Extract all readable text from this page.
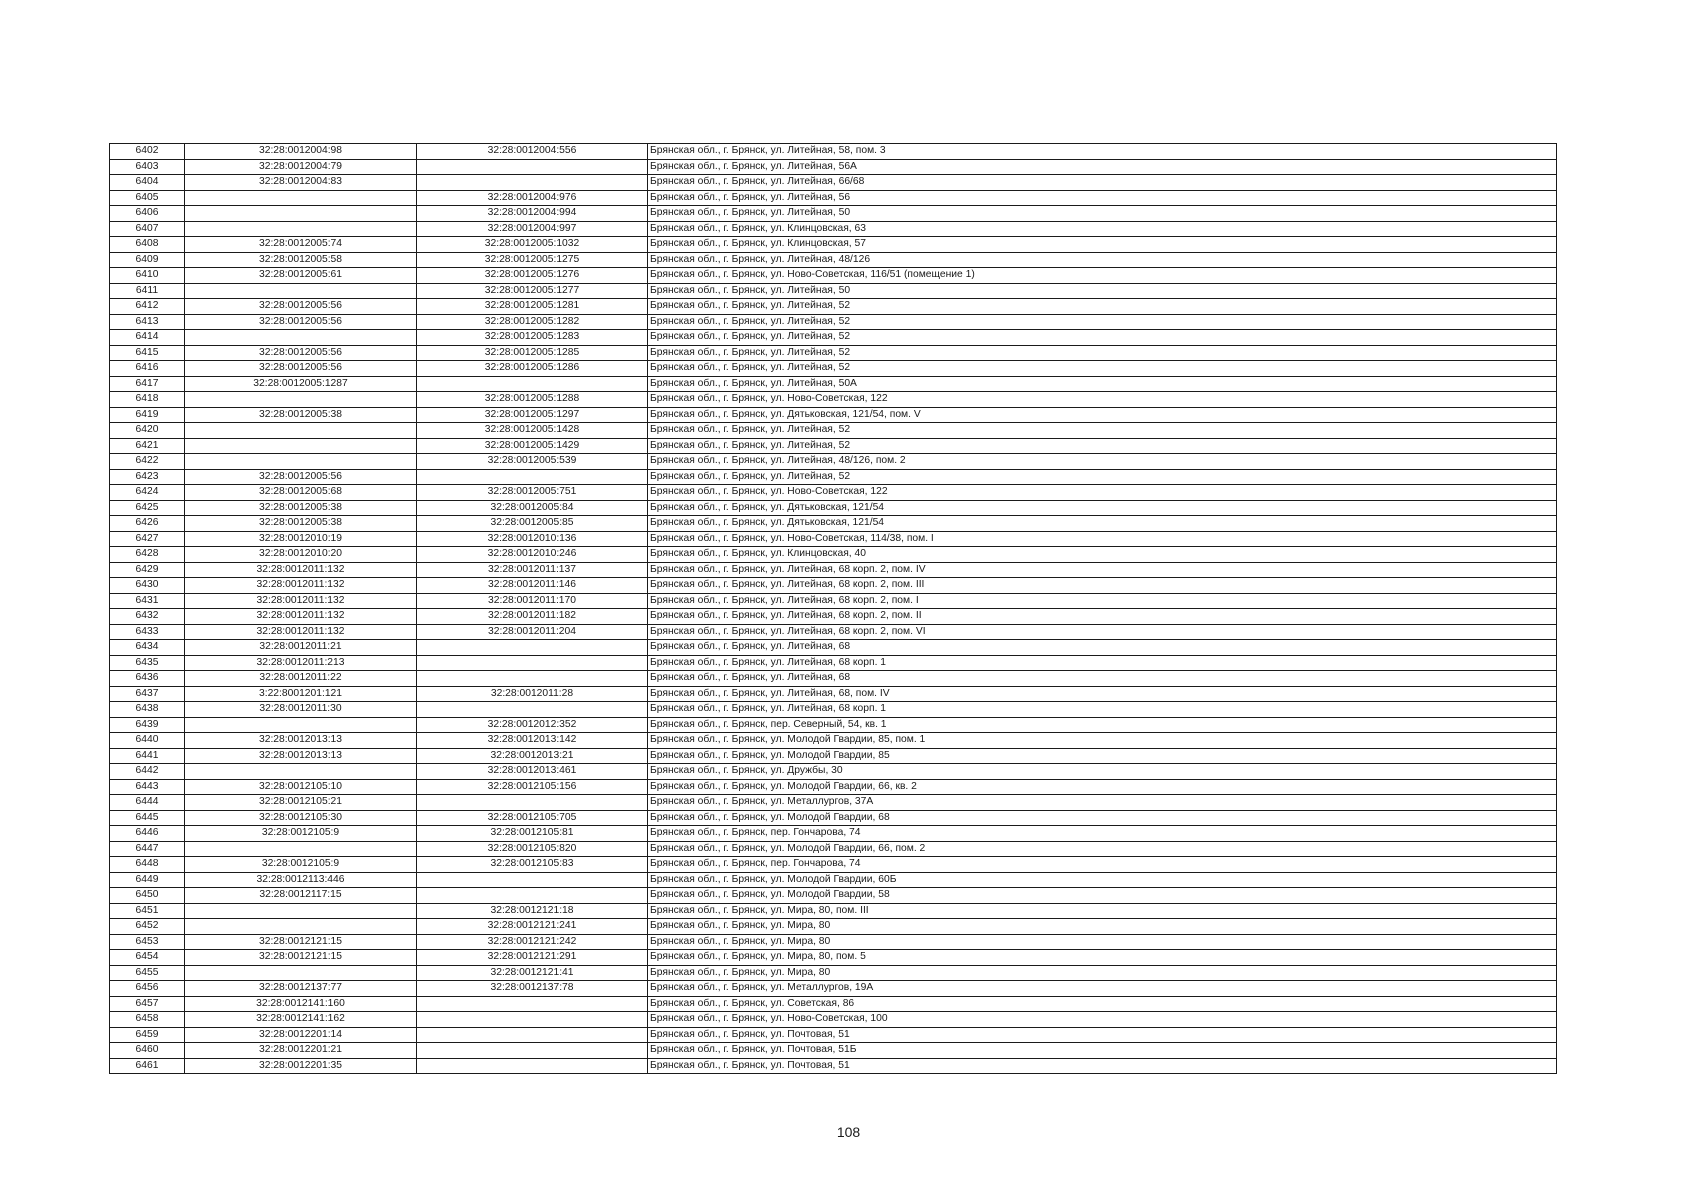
6402	32:28:0012004:98	32:28:0012004:556	Брянская обл., г. Брянск, ул. Литейная, 58, пом. 3
6403	32:28:0012004:79		Брянская обл., г. Брянск, ул. Литейная, 56А
6404	32:28:0012004:83		Брянская обл., г. Брянск, ул. Литейная, 66/68
6405		32:28:0012004:976	Брянская обл., г. Брянск, ул. Литейная, 56
6406		32:28:0012004:994	Брянская обл., г. Брянск, ул. Литейная, 50
6407		32:28:0012004:997	Брянская обл., г. Брянск, ул. Клинцовская, 63
6408	32:28:0012005:74	32:28:0012005:1032	Брянская обл., г. Брянск, ул. Клинцовская, 57
6409	32:28:0012005:58	32:28:0012005:1275	Брянская обл., г. Брянск, ул. Литейная, 48/126
6410	32:28:0012005:61	32:28:0012005:1276	Брянская обл., г. Брянск, ул. Ново-Советская, 116/51 (помещение 1)
6411		32:28:0012005:1277	Брянская обл., г. Брянск, ул. Литейная, 50
6412	32:28:0012005:56	32:28:0012005:1281	Брянская обл., г. Брянск, ул. Литейная, 52
6413	32:28:0012005:56	32:28:0012005:1282	Брянская обл., г. Брянск, ул. Литейная, 52
6414		32:28:0012005:1283	Брянская обл., г. Брянск, ул. Литейная, 52
6415	32:28:0012005:56	32:28:0012005:1285	Брянская обл., г. Брянск, ул. Литейная, 52
6416	32:28:0012005:56	32:28:0012005:1286	Брянская обл., г. Брянск, ул. Литейная, 52
6417	32:28:0012005:1287		Брянская обл., г. Брянск, ул. Литейная, 50А
6418		32:28:0012005:1288	Брянская обл., г. Брянск, ул. Ново-Советская, 122
6419	32:28:0012005:38	32:28:0012005:1297	Брянская обл., г. Брянск, ул. Дятьковская, 121/54, пом. V
6420		32:28:0012005:1428	Брянская обл., г. Брянск, ул. Литейная, 52
6421		32:28:0012005:1429	Брянская обл., г. Брянск, ул. Литейная, 52
6422		32:28:0012005:539	Брянская обл., г. Брянск, ул. Литейная, 48/126, пом. 2
6423	32:28:0012005:56		Брянская обл., г. Брянск, ул. Литейная, 52
6424	32:28:0012005:68	32:28:0012005:751	Брянская обл., г. Брянск, ул. Ново-Советская, 122
6425	32:28:0012005:38	32:28:0012005:84	Брянская обл., г. Брянск, ул. Дятьковская, 121/54
6426	32:28:0012005:38	32:28:0012005:85	Брянская обл., г. Брянск, ул. Дятьковская, 121/54
6427	32:28:0012010:19	32:28:0012010:136	Брянская обл., г. Брянск, ул. Ново-Советская, 114/38, пом. I
6428	32:28:0012010:20	32:28:0012010:246	Брянская обл., г. Брянск, ул. Клинцовская, 40
6429	32:28:0012011:132	32:28:0012011:137	Брянская обл., г. Брянск, ул. Литейная, 68 корп. 2, пом. IV
6430	32:28:0012011:132	32:28:0012011:146	Брянская обл., г. Брянск, ул. Литейная, 68 корп. 2, пом. III
6431	32:28:0012011:132	32:28:0012011:170	Брянская обл., г. Брянск, ул. Литейная, 68 корп. 2, пом. I
6432	32:28:0012011:132	32:28:0012011:182	Брянская обл., г. Брянск, ул. Литейная, 68 корп. 2, пом. II
6433	32:28:0012011:132	32:28:0012011:204	Брянская обл., г. Брянск, ул. Литейная, 68 корп. 2, пом. VI
6434	32:28:0012011:21		Брянская обл., г. Брянск, ул. Литейная, 68
6435	32:28:0012011:213		Брянская обл., г. Брянск, ул. Литейная, 68 корп. 1
6436	32:28:0012011:22		Брянская обл., г. Брянск, ул. Литейная, 68
6437	3:22:8001201:121	32:28:0012011:28	Брянская обл., г. Брянск, ул. Литейная, 68, пом. IV
6438	32:28:0012011:30		Брянская обл., г. Брянск, ул. Литейная, 68 корп. 1
6439		32:28:0012012:352	Брянская обл., г. Брянск, пер. Северный, 54, кв. 1
6440	32:28:0012013:13	32:28:0012013:142	Брянская обл., г. Брянск, ул. Молодой Гвардии, 85, пом. 1
6441	32:28:0012013:13	32:28:0012013:21	Брянская обл., г. Брянск, ул. Молодой Гвардии, 85
6442		32:28:0012013:461	Брянская обл., г. Брянск, ул. Дружбы, 30
6443	32:28:0012105:10	32:28:0012105:156	Брянская обл., г. Брянск, ул. Молодой Гвардии, 66, кв. 2
6444	32:28:0012105:21		Брянская обл., г. Брянск, ул. Металлургов, 37А
6445	32:28:0012105:30	32:28:0012105:705	Брянская обл., г. Брянск, ул. Молодой Гвардии, 68
6446	32:28:0012105:9	32:28:0012105:81	Брянская обл., г. Брянск, пер. Гончарова, 74
6447		32:28:0012105:820	Брянская обл., г. Брянск, ул. Молодой Гвардии, 66, пом. 2
6448	32:28:0012105:9	32:28:0012105:83	Брянская обл., г. Брянск, пер. Гончарова, 74
6449	32:28:0012113:446		Брянская обл., г. Брянск, ул. Молодой Гвардии, 60Б
6450	32:28:0012117:15		Брянская обл., г. Брянск, ул. Молодой Гвардии, 58
6451		32:28:0012121:18	Брянская обл., г. Брянск, ул. Мира, 80, пом. III
6452		32:28:0012121:241	Брянская обл., г. Брянск, ул. Мира, 80
6453	32:28:0012121:15	32:28:0012121:242	Брянская обл., г. Брянск, ул. Мира, 80
6454	32:28:0012121:15	32:28:0012121:291	Брянская обл., г. Брянск, ул. Мира, 80, пом. 5
6455		32:28:0012121:41	Брянская обл., г. Брянск, ул. Мира, 80
6456	32:28:0012137:77	32:28:0012137:78	Брянская обл., г. Брянск, ул. Металлургов, 19А
6457	32:28:0012141:160		Брянская обл., г. Брянск, ул. Советская, 86
6458	32:28:0012141:162		Брянская обл., г. Брянск, ул. Ново-Советская, 100
6459	32:28:0012201:14		Брянская обл., г. Брянск, ул. Почтовая, 51
6460	32:28:0012201:21		Брянская обл., г. Брянск, ул. Почтовая, 51Б
6461	32:28:0012201:35		Брянская обл., г. Брянск, ул. Почтовая, 51
108
